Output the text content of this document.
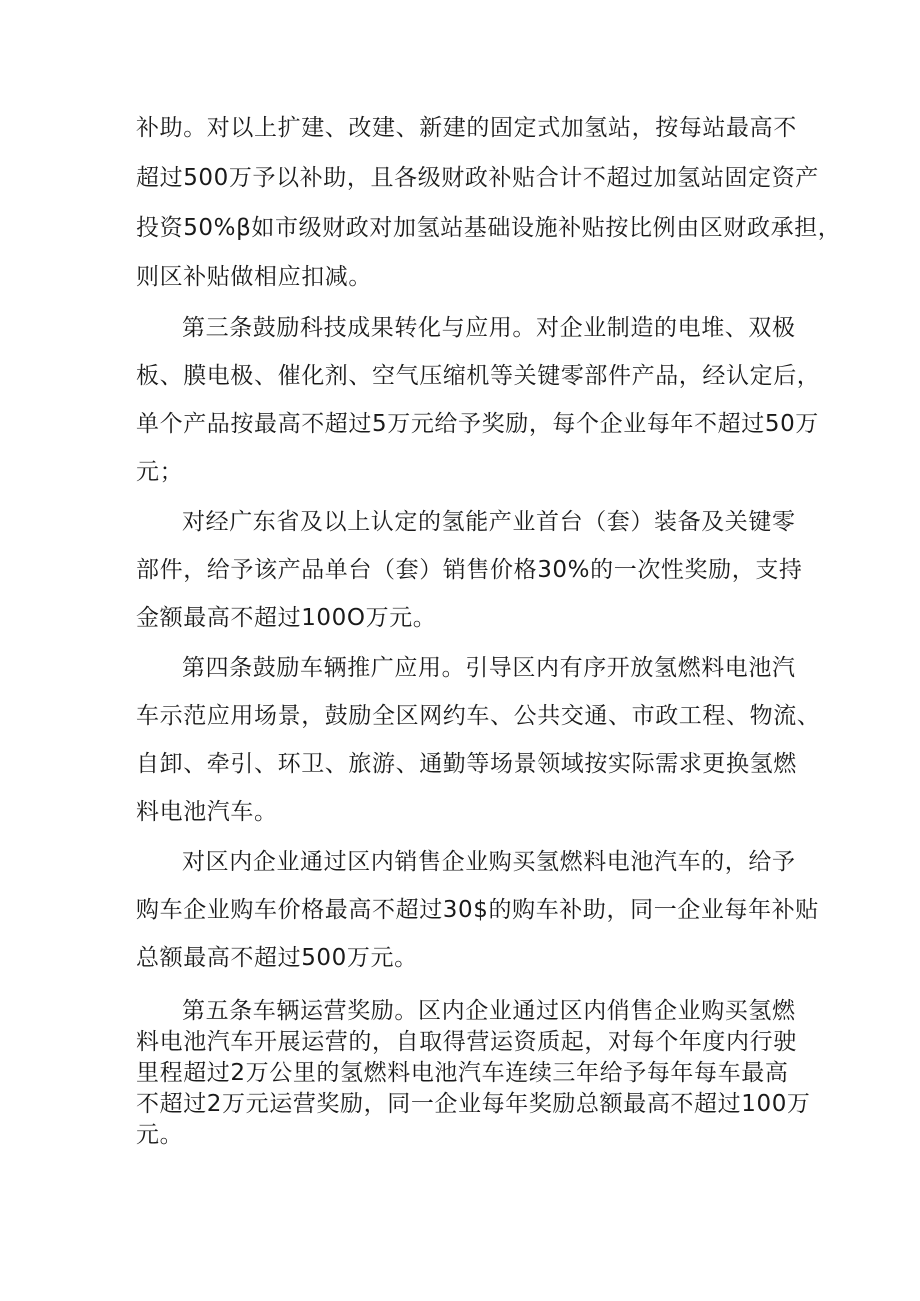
补助。对以上扩建、改建、新建的固定式加氢站，按每站最高不
超过500万予以补助，且各级财政补贴合计不超过加氢站固定资产
投资50%β如市级财政对加氢站基础设施补贴按比例由区财政承担，
则区补贴做相应扣减。
第三条鼓励科技成果转化与应用。对企业制造的电堆、双极
板、膜电极、催化剂、空气压缩机等关键零部件产品，经认定后，
单个产品按最高不超过5万元给予奖励，每个企业每年不超过50万
元；
对经广东省及以上认定的氢能产业首台（套）装备及关键零
部件，给予该产品单台（套）销售价格30%的一次性奖励，支持
金额最高不超过100O万元。
第四条鼓励车辆推广应用。引导区内有序开放氢燃料电池汽
车示范应用场景，鼓励全区网约车、公共交通、市政工程、物流、
自卸、牵引、环卫、旅游、通勤等场景领域按实际需求更换氢燃
料电池汽车。
对区内企业通过区内销售企业购买氢燃料电池汽车的，给予
购车企业购车价格最高不超过30$的购车补助，同一企业每年补贴
总额最高不超过500万元。
第五条车辆运营奖励。区内企业通过区内俏售企业购买氢燃
料电池汽车开展运营的，自取得营运资质起，对每个年度内行驶
里程超过2万公里的氢燃料电池汽车连续三年给予每年每车最高
不超过2万元运营奖励，同一企业每年奖励总额最高不超过100万
元。
